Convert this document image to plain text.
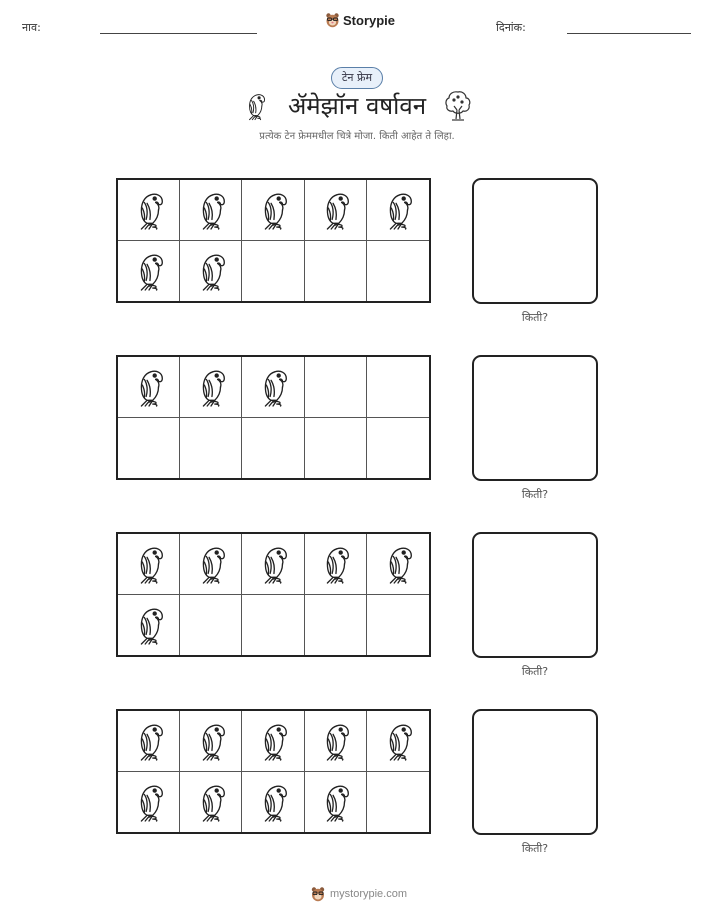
नाव:	Storypie	दिनांक:
टेन फ्रेम
ॲमेझॉन वर्षावन
प्रत्येक टेन फ्रेममधील चित्रे मोजा. किती आहेत ते लिहा.
किती?
किती?
किती?
किती?
mystorypie.com
